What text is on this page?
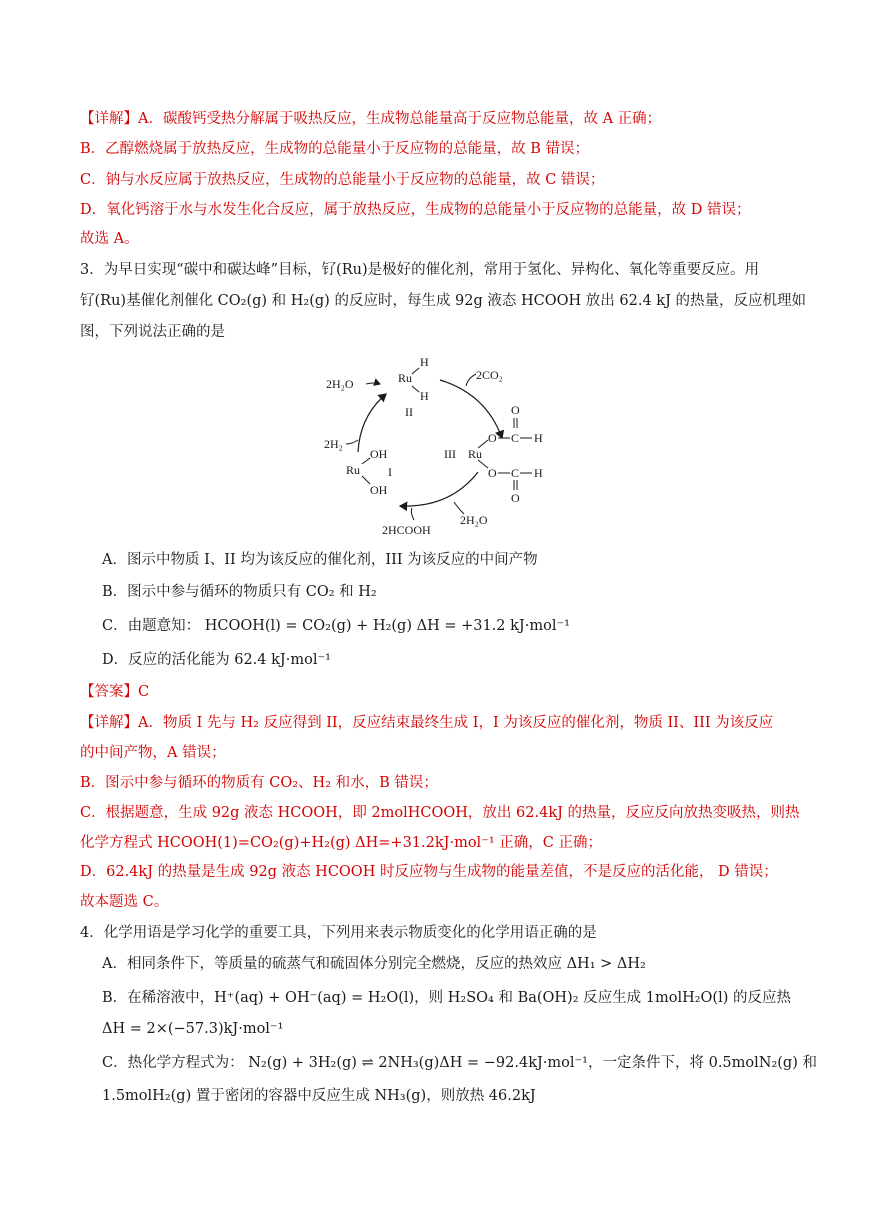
【详解】A．碳酸钙受热分解属于吸热反应，生成物总能量高于反应物总能量，故 A 正确；
B．乙醇燃烧属于放热反应，生成物的总能量小于反应物的总能量，故 B 错误；
C．钠与水反应属于放热反应，生成物的总能量小于反应物的总能量，故 C 错误；
D．氧化钙溶于水与水发生化合反应，属于放热反应，生成物的总能量小于反应物的总能量，故 D 错误；
故选 A。
3．为早日实现“碳中和碳达峰”目标，钌(Ru)是极好的催化剂，常用于氢化、异构化、氧化等重要反应。用
钌(Ru)基催化剂催化 CO₂(g) 和 H₂(g) 的反应时，每生成 92g 液态 HCOOH 放出 62.4 kJ 的热量，反应机理如
图，下列说法正确的是
Ru
H
H
II
2H₂O
2CO₂
2H₂
Ru
OH
OH
I
III Ru
O C H
O
O C H
O
2HCOOH
2H₂O
A．图示中物质 I、II 均为该反应的催化剂，III 为该反应的中间产物
B．图示中参与循环的物质只有 CO₂ 和 H₂
C．由题意知： HCOOH(l) = CO₂(g) + H₂(g) ΔH = +31.2 kJ·mol⁻¹
D．反应的活化能为 62.4 kJ·mol⁻¹
【答案】C
【详解】A．物质 I 先与 H₂ 反应得到 II，反应结束最终生成 I，I 为该反应的催化剂，物质 II、III 为该反应
的中间产物，A 错误；
B．图示中参与循环的物质有 CO₂、H₂ 和水，B 错误；
C．根据题意，生成 92g 液态 HCOOH，即 2molHCOOH，放出 62.4kJ 的热量，反应反向放热变吸热，则热
化学方程式 HCOOH(1)=CO₂(g)+H₂(g) ΔH=+31.2kJ·mol⁻¹ 正确，C 正确；
D．62.4kJ 的热量是生成 92g 液态 HCOOH 时反应物与生成物的能量差值，不是反应的活化能， D 错误；
故本题选 C。
4．化学用语是学习化学的重要工具，下列用来表示物质变化的化学用语正确的是
A．相同条件下，等质量的硫蒸气和硫固体分别完全燃烧，反应的热效应 ΔH₁ > ΔH₂
B．在稀溶液中，H⁺(aq) + OH⁻(aq) = H₂O(l)，则 H₂SO₄ 和 Ba(OH)₂ 反应生成 1molH₂O(l) 的反应热
ΔH = 2×(−57.3)kJ·mol⁻¹
C．热化学方程式为： N₂(g) + 3H₂(g) ⇌ 2NH₃(g)ΔH = −92.4kJ·mol⁻¹，一定条件下，将 0.5molN₂(g) 和
1.5molH₂(g) 置于密闭的容器中反应生成 NH₃(g)，则放热 46.2kJ
